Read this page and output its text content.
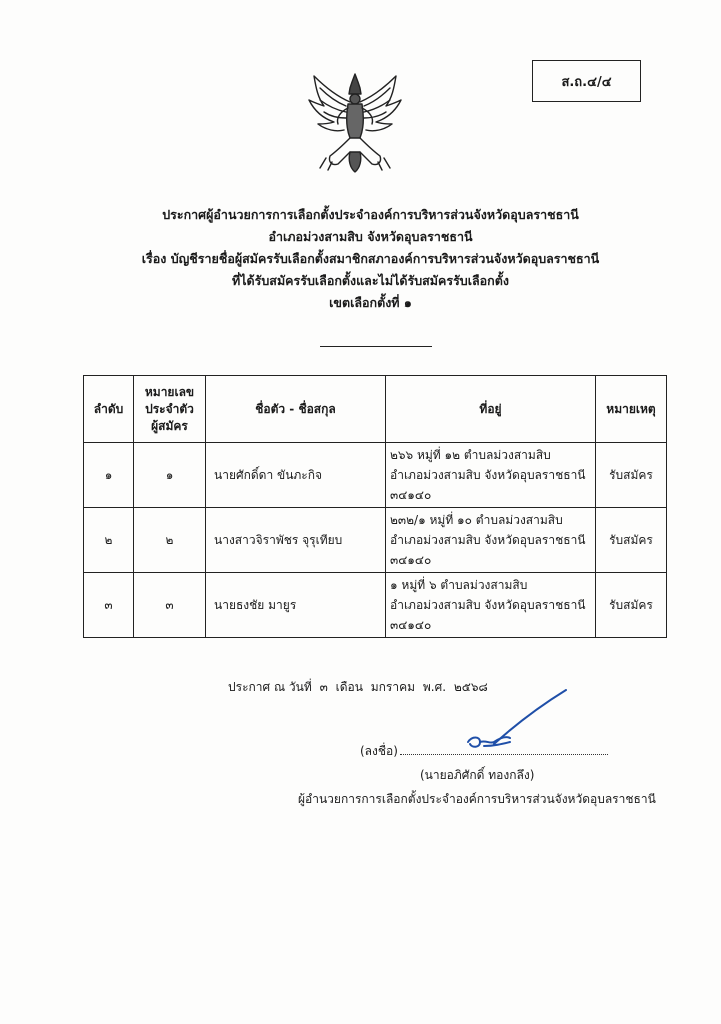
ส.ถ.๔/๔
ประกาศผู้อำนวยการการเลือกตั้งประจำองค์การบริหารส่วนจังหวัดอุบลราชธานี
อำเภอม่วงสามสิบ จังหวัดอุบลราชธานี
เรื่อง บัญชีรายชื่อผู้สมัครรับเลือกตั้งสมาชิกสภาองค์การบริหารส่วนจังหวัดอุบลราชธานี
ที่ได้รับสมัครรับเลือกตั้งและไม่ได้รับสมัครรับเลือกตั้ง
เขตเลือกตั้งที่ ๑
ลำดับ	หมายเลข
ประจำตัว
ผู้สมัคร	ชื่อตัว - ชื่อสกุล	ที่อยู่	หมายเหตุ
๑	๑	นายศักดิ์ดา ขันภะกิจ	๒๖๖ หมู่ที่ ๑๒ ตำบลม่วงสามสิบ
อำเภอม่วงสามสิบ จังหวัดอุบลราชธานี
๓๔๑๔๐	รับสมัคร
๒	๒	นางสาวจิราพัชร จุรุเทียบ	๒๓๒/๑ หมู่ที่ ๑๐ ตำบลม่วงสามสิบ
อำเภอม่วงสามสิบ จังหวัดอุบลราชธานี
๓๔๑๔๐	รับสมัคร
๓	๓	นายธงชัย มายูร	๑ หมู่ที่ ๖ ตำบลม่วงสามสิบ
อำเภอม่วงสามสิบ จังหวัดอุบลราชธานี
๓๔๑๔๐	รับสมัคร
ประกาศ ณ วันที่ ๓ เดือน มกราคม พ.ศ. ๒๕๖๘
(ลงชื่อ)
(นายอภิศักดิ์ ทองกลึง)
ผู้อำนวยการการเลือกตั้งประจำองค์การบริหารส่วนจังหวัดอุบลราชธานี
